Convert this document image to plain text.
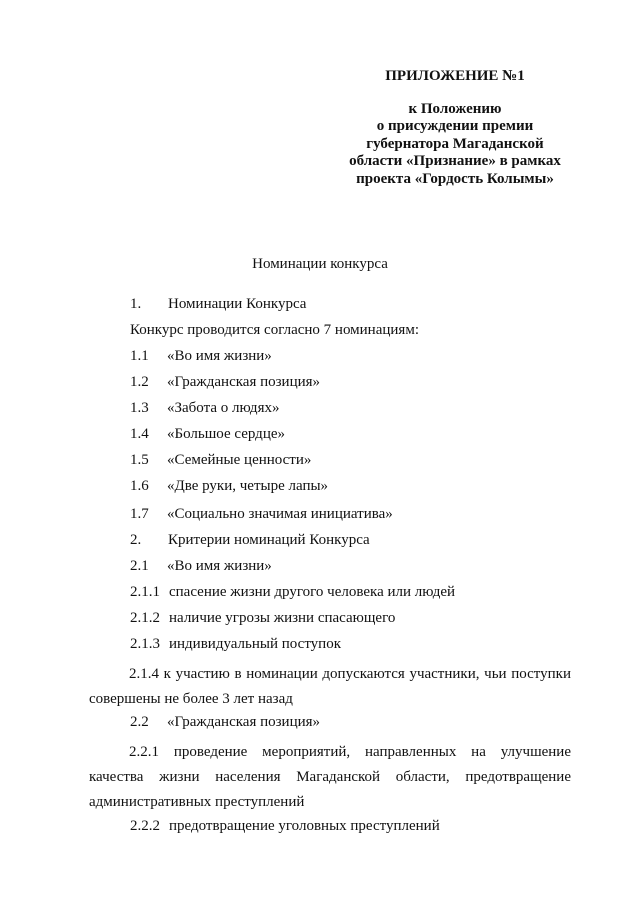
ПРИЛОЖЕНИЕ №1
к Положению
о присуждении премии
губернатора Магаданской
области «Признание» в рамках
проекта «Гордость Колымы»
Номинации конкурса
1. Номинации Конкурса
Конкурс проводится согласно 7 номинациям:
1.1 «Во имя жизни»
1.2 «Гражданская позиция»
1.3 «Забота о людях»
1.4 «Большое сердце»
1.5 «Семейные ценности»
1.6 «Две руки, четыре лапы»
1.7 «Социально значимая инициатива»
2. Критерии номинаций Конкурса
2.1 «Во имя жизни»
2.1.1 спасение жизни другого человека или людей
2.1.2 наличие угрозы жизни спасающего
2.1.3 индивидуальный поступок
2.1.4 к участию в номинации допускаются участники, чьи поступки совершены не более 3 лет назад
2.2 «Гражданская позиция»
2.2.1 проведение мероприятий, направленных на улучшение качества жизни населения Магаданской области, предотвращение административных преступлений
2.2.2 предотвращение уголовных преступлений
